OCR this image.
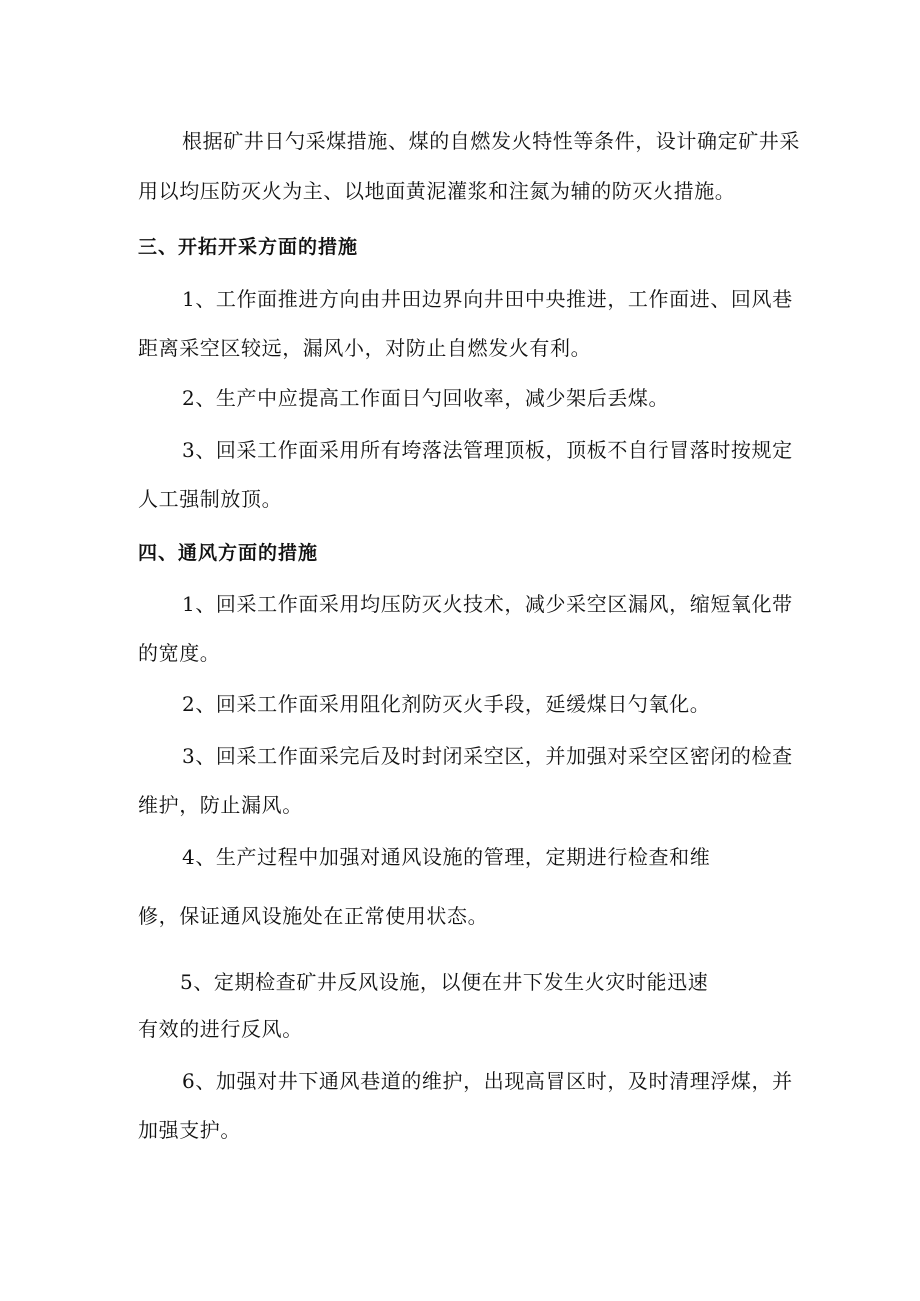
根据矿井日勺采煤措施、煤的自燃发火特性等条件，设计确定矿井采

用以均压防灭火为主、以地面黄泥灌浆和注氮为辅的防灭火措施。

三、开拓开采方面的措施

1、工作面推进方向由井田边界向井田中央推进，工作面进、回风巷

距离采空区较远，漏风小，对防止自燃发火有利。

2、生产中应提高工作面日勺回收率，减少架后丢煤。

3、回采工作面采用所有垮落法管理顶板，顶板不自行冒落时按规定

人工强制放顶。

四、通风方面的措施

1、回采工作面采用均压防灭火技术，减少采空区漏风，缩短氧化带

的宽度。

2、回采工作面采用阻化剂防灭火手段，延缓煤日勺氧化。

3、回采工作面采完后及时封闭采空区，并加强对采空区密闭的检查

维护，防止漏风。

4、生产过程中加强对通风设施的管理，定期进行检查和维

修，保证通风设施处在正常使用状态。

5、定期检查矿井反风设施，以便在井下发生火灾时能迅速

有效的进行反风。

6、加强对井下通风巷道的维护，出现高冒区时，及时清理浮煤，并

加强支护。
